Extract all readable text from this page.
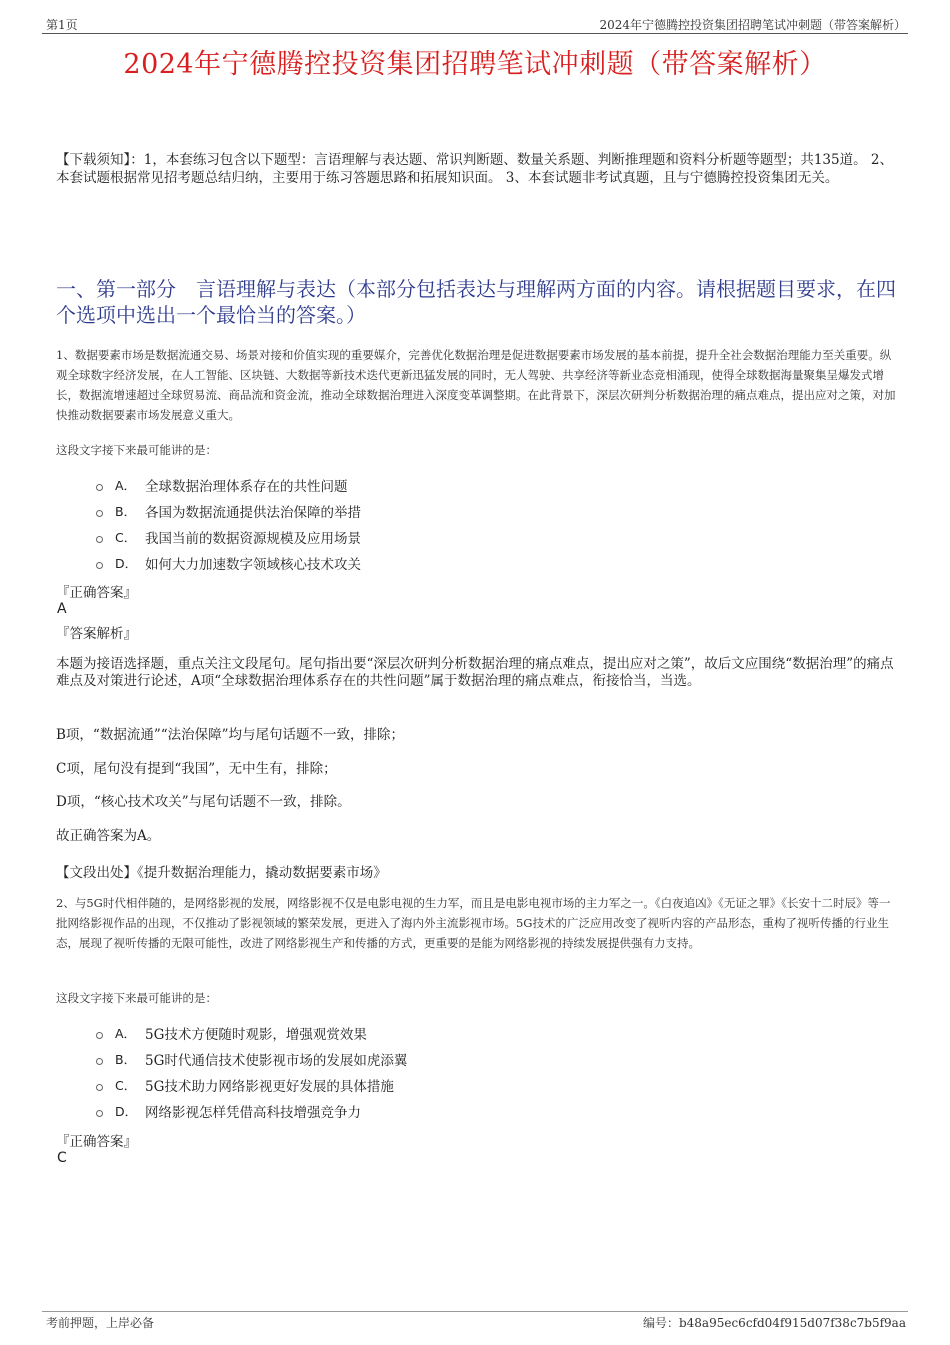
第1页	2024年宁德腾控投资集团招聘笔试冲刺题（带答案解析）
2024年宁德腾控投资集团招聘笔试冲刺题（带答案解析）
【下载须知】：1，本套练习包含以下题型：言语理解与表达题、常识判断题、数量关系题、判断推理题和资料分析题等题型；共135道。 2、本套试题根据常见招考题总结归纳，主要用于练习答题思路和拓展知识面。 3、本套试题非考试真题，且与宁德腾控投资集团无关。
一、第一部分　言语理解与表达（本部分包括表达与理解两方面的内容。请根据题目要求，在四个选项中选出一个最恰当的答案。）
1、数据要素市场是数据流通交易、场景对接和价值实现的重要媒介，完善优化数据治理是促进数据要素市场发展的基本前提，提升全社会数据治理能力至关重要。纵观全球数字经济发展，在人工智能、区块链、大数据等新技术迭代更新迅猛发展的同时，无人驾驶、共享经济等新业态竞相涌现，使得全球数据海量聚集呈爆发式增长，数据流增速超过全球贸易流、商品流和资金流，推动全球数据治理进入深度变革调整期。在此背景下，深层次研判分析数据治理的痛点难点，提出应对之策，对加快推动数据要素市场发展意义重大。
这段文字接下来最可能讲的是：
A． 全球数据治理体系存在的共性问题
B． 各国为数据流通提供法治保障的举措
C． 我国当前的数据资源规模及应用场景
D． 如何大力加速数字领域核心技术攻关
『正确答案』
A
『答案解析』
本题为接语选择题，重点关注文段尾句。尾句指出要“深层次研判分析数据治理的痛点难点，提出应对之策”，故后文应围绕“数据治理”的痛点难点及对策进行论述，A项“全球数据治理体系存在的共性问题”属于数据治理的痛点难点，衔接恰当，当选。
B项，“数据流通”“法治保障”均与尾句话题不一致，排除；
C项，尾句没有提到“我国”，无中生有，排除；
D项，“核心技术攻关”与尾句话题不一致，排除。
故正确答案为A。
【文段出处】《提升数据治理能力，撬动数据要素市场》
2、与5G时代相伴随的，是网络影视的发展，网络影视不仅是电影电视的生力军，而且是电影电视市场的主力军之一。《白夜追凶》《无证之罪》《长安十二时辰》等一批网络影视作品的出现，不仅推动了影视领域的繁荣发展，更进入了海内外主流影视市场。5G技术的广泛应用改变了视听内容的产品形态，重构了视听传播的行业生态，展现了视听传播的无限可能性，改进了网络影视生产和传播的方式，更重要的是能为网络影视的持续发展提供强有力支持。
这段文字接下来最可能讲的是：
A． 5G技术方便随时观影，增强观赏效果
B． 5G时代通信技术使影视市场的发展如虎添翼
C． 5G技术助力网络影视更好发展的具体措施
D． 网络影视怎样凭借高科技增强竞争力
『正确答案』
C
考前押题，上岸必备	编号：b48a95ec6cfd04f915d07f38c7b5f9aa
